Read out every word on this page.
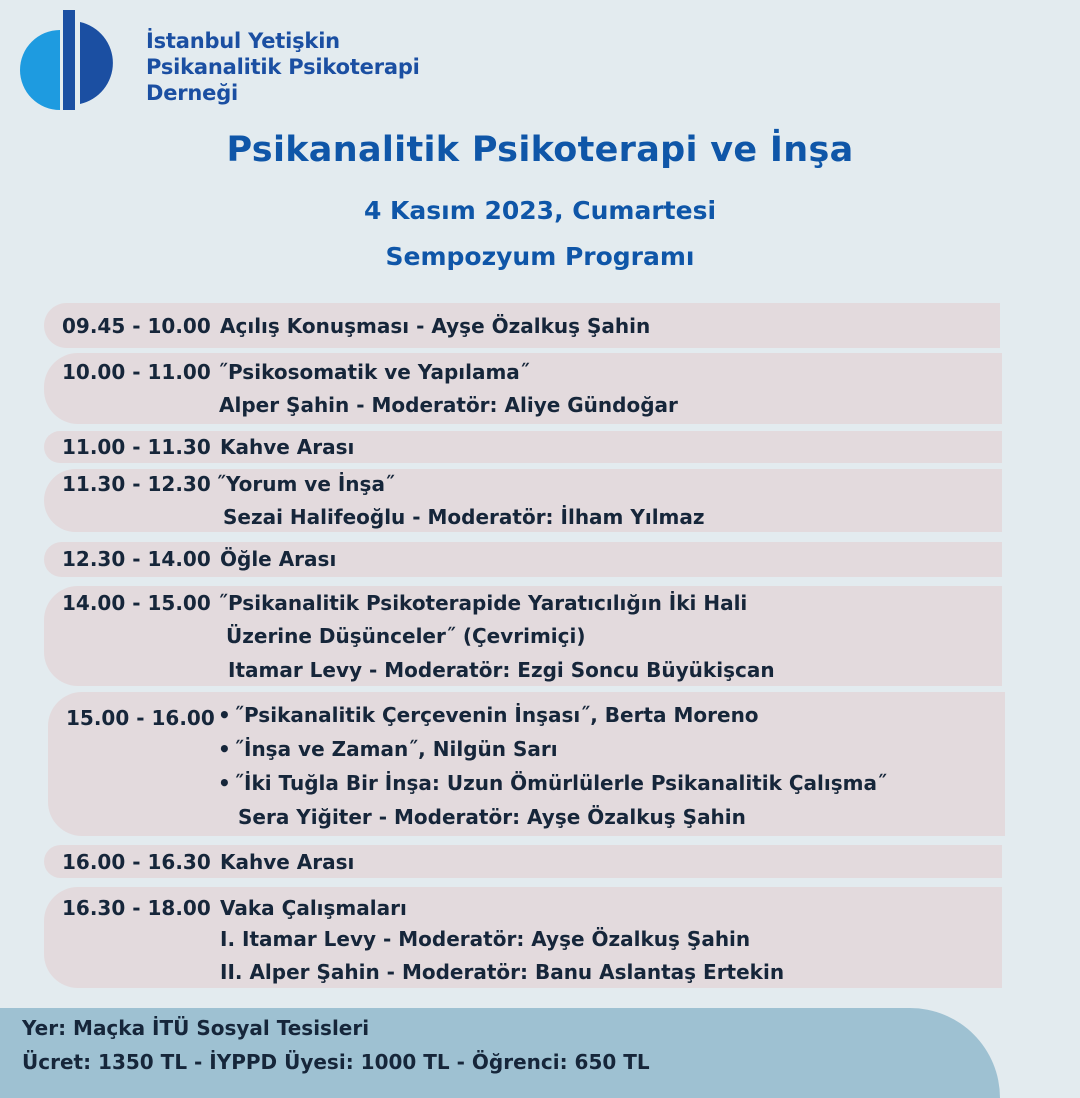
İstanbul Yetişkin
Psikanalitik Psikoterapi
Derneği
Psikanalitik Psikoterapi ve İnşa
4 Kasım 2023, Cumartesi
Sempozyum Programı
09.45 - 10.00 Açılış Konuşması - Ayşe Özalkuş Şahin
10.00 - 11.00 ˝Psikosomatik ve Yapılama˝
Alper Şahin - Moderatör: Aliye Gündoğar
11.00 - 11.30 Kahve Arası
11.30 - 12.30 ˝Yorum ve İnşa˝
Sezai Halifeoğlu - Moderatör: İlham Yılmaz
12.30 - 14.00 Öğle Arası
14.00 - 15.00 ˝Psikanalitik Psikoterapide Yaratıcılığın İki Hali
Üzerine Düşünceler˝ (Çevrimiçi)
Itamar Levy - Moderatör: Ezgi Soncu Büyükişcan
15.00 - 16.00 • ˝Psikanalitik Çerçevenin İnşası˝, Berta Moreno
• ˝İnşa ve Zaman˝, Nilgün Sarı
• ˝İki Tuğla Bir İnşa: Uzun Ömürlülerle Psikanalitik Çalışma˝
Sera Yiğiter - Moderatör: Ayşe Özalkuş Şahin
16.00 - 16.30 Kahve Arası
16.30 - 18.00 Vaka Çalışmaları
I. Itamar Levy - Moderatör: Ayşe Özalkuş Şahin
II. Alper Şahin - Moderatör: Banu Aslantaş Ertekin
Yer: Maçka İTÜ Sosyal Tesisleri
Ücret: 1350 TL - İYPPD Üyesi: 1000 TL - Öğrenci: 650 TL
